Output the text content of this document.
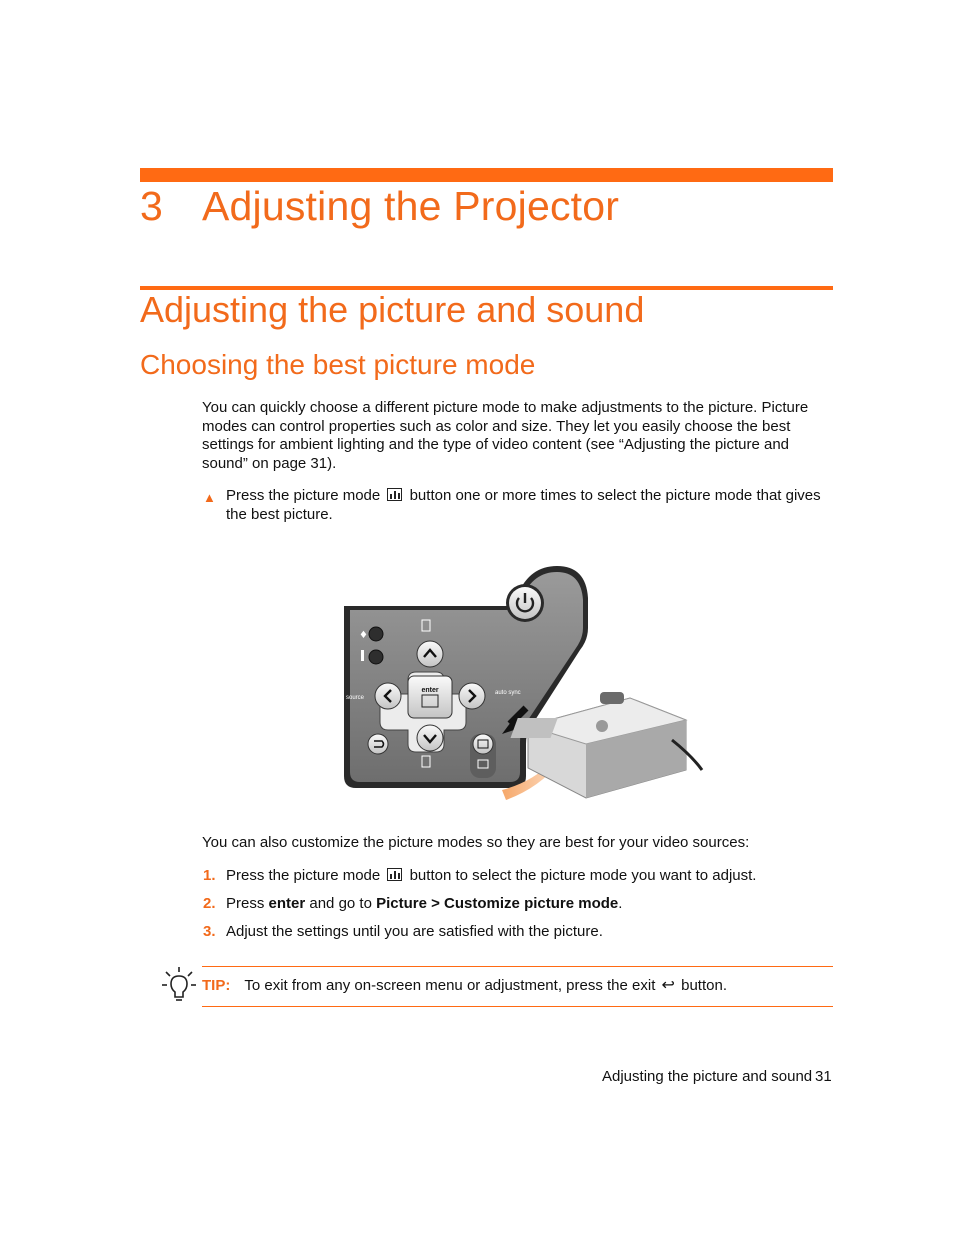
3 Adjusting the Projector
Adjusting the picture and sound
Choosing the best picture mode
You can quickly choose a different picture mode to make adjustments to the picture. Picture modes can control properties such as color and size. They let you easily choose the best settings for ambient lighting and the type of video content (see “Adjusting the picture and sound” on page 31).
▲ Press the picture mode button one or more times to select the picture mode that gives the best picture.
♦
enter
source
auto sync
You can also customize the picture modes so they are best for your video sources:
1. Press the picture mode button to select the picture mode you want to adjust.
2. Press enter and go to Picture > Customize picture mode.
3. Adjust the settings until you are satisfied with the picture.
TIP: To exit from any on-screen menu or adjustment, press the exit ↩ button.
Adjusting the picture and sound 31
